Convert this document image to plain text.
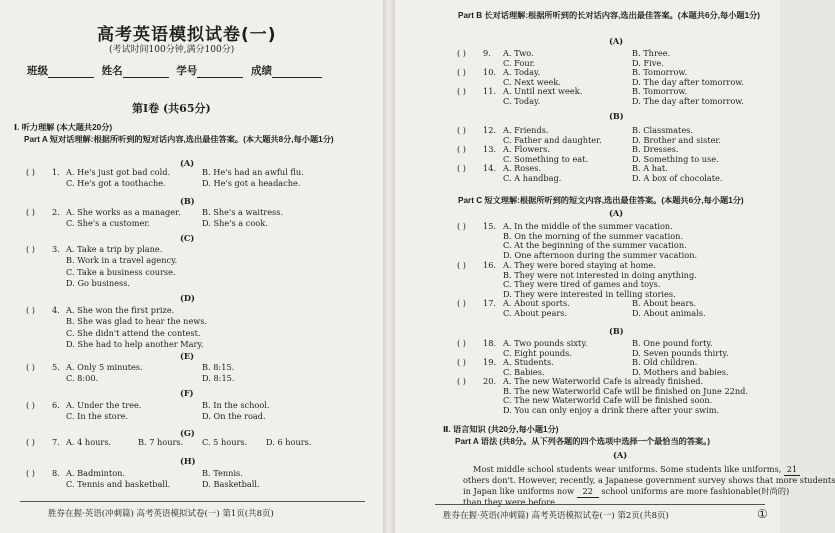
高考英语模拟试卷(一)
(考试时间100分钟,满分100分)
班级	姓名	学号	成绩
第Ⅰ卷 (共65分)
Ⅰ. 听力理解 (本大题共20分)
Part A 短对话理解:根据所听到的短对话内容,选出最佳答案。(本大题共8分,每小题1分)
(A)
( ) 1. A. He's just got bad cold.	B. He's had an awful flu.
C. He's got a toothache.	D. He's got a headache.
(B)
( ) 2. A. She works as a manager.	B. She's a waitress.
C. She's a customer.	D. She's a cook.
(C)
( ) 3. A. Take a trip by plane.
B. Work in a travel agency.
C. Take a business course.
D. Go business.
(D)
( ) 4. A. She won the first prize.
B. She was glad to hear the news.
C. She didn't attend the contest.
D. She had to help another Mary.
(E)
( ) 5. A. Only 5 minutes.	B. 8:15.
C. 8:00.	D. 8:15.
(F)
( ) 6. A. Under the tree.	B. In the school.
C. In the store.	D. On the road.
(G)
( ) 7. A. 4 hours.	B. 7 hours. C. 5 hours. D. 6 hours.
(H)
( ) 8. A. Badminton.	B. Tennis.
C. Tennis and basketball.	D. Basketball.
胜券在握·英语(冲刺篇) 高考英语模拟试卷(一) 第1页(共8页)
Part B 长对话理解:根据所听到的长对话内容,选出最佳答案。(本题共6分,每小题1分)
(A)
(B)
( ) 9. A. Two.	B. Three.
C. Four.	D. Five.
( ) 10. A. Today.	B. Tomorrow.
C. Next week.	D. The day after tomorrow.
( ) 11. A. Until next week.	B. Tomorrow.
C. Today.	D. The day after tomorrow.
( ) 12. A. Friends.	B. Classmates.
C. Father and daughter.	D. Brother and sister.
( ) 13. A. Flowers.	B. Dresses.
C. Something to eat.	D. Something to use.
( ) 14. A. Roses.	B. A hat.
C. A handbag.	D. A box of chocolate.
(A)
(B)
( ) 15. A. In the middle of the summer vacation.
B. On the morning of the summer vacation.
C. At the beginning of the summer vacation.
D. One afternoon during the summer vacation.
( ) 16. A. They were bored staying at home.
B. They were not interested in doing anything.
C. They were tired of games and toys.
D. They were interested in telling stories.
( ) 17. A. About sports.	B. About bears.
C. About pears.	D. About animals.
( ) 18. A. Two pounds sixty.	B. One pound forty.
C. Eight pounds.	D. Seven pounds thirty.
( ) 19. A. Students.	B. Old children.
C. Babies.	D. Mothers and babies.
( ) 20. A. The new Waterworld Cafe is already finished.
B. The new Waterworld Cafe will be finished on June 22nd.
C. The new Waterworld Cafe will be finished soon.
D. You can only enjoy a drink there after your swim.
Part C 短文理解:根据所听到的短文内容,选出最佳答案。(本题共6分,每小题1分)
Ⅱ. 语言知识 (共20分,每小题1分)
Part A 语法 (共8分。从下列各题的四个选项中选择一个最恰当的答案。)
(A)
Most middle school students wear uniforms. Some students like uniforms, 21
others don't. However, recently, a Japanese government survey shows that more students
in Japan like uniforms now 22 school uniforms are more fashionable(时尚的)
than they were before.
胜券在握·英语(冲刺篇) 高考英语模拟试卷(一) 第2页(共8页)	①
